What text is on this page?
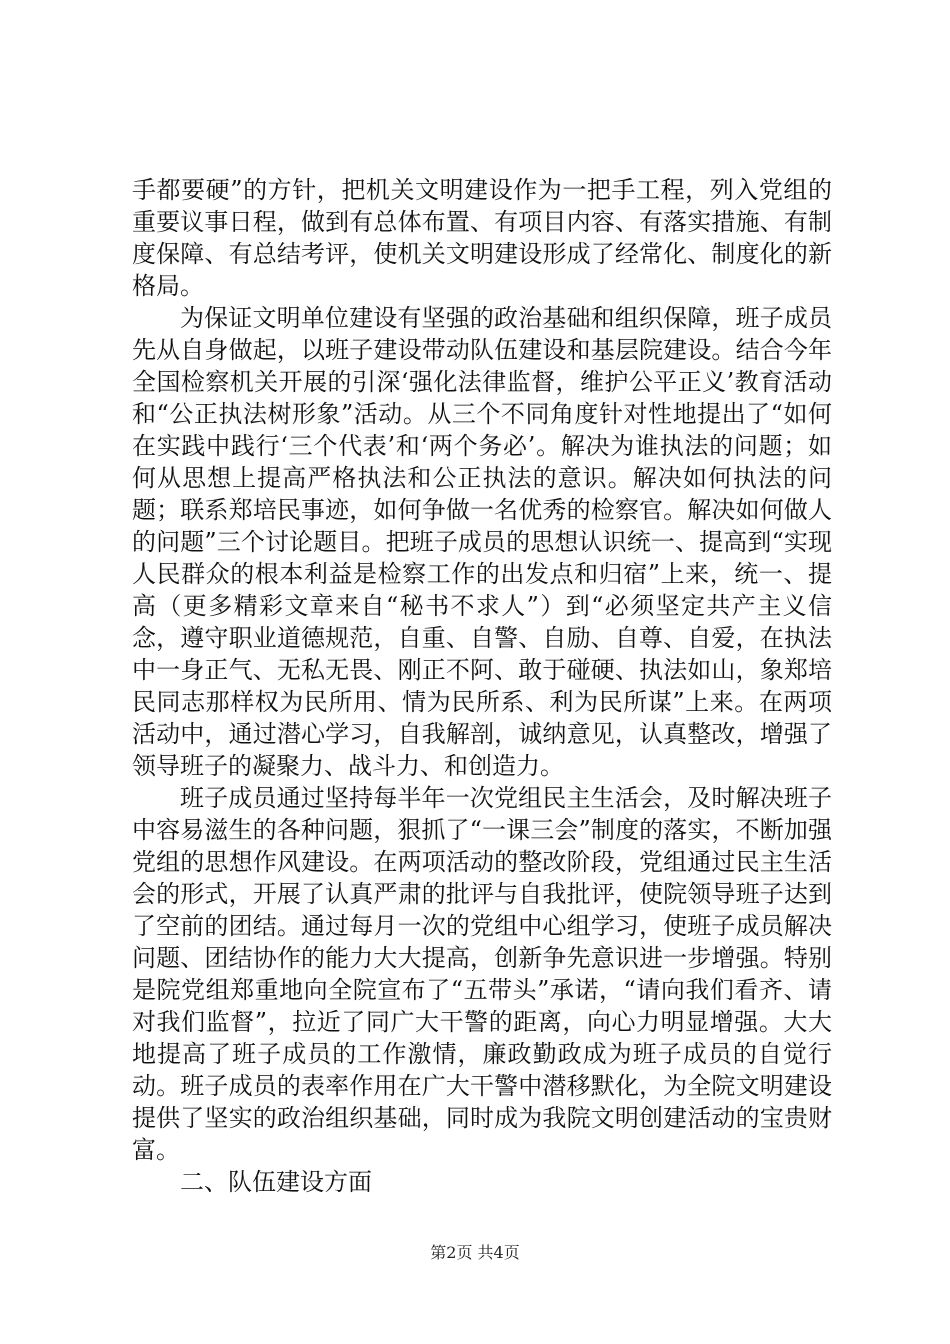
手都要硬”的方针，把机关文明建设作为一把手工程，列入党组的重要议事日程，做到有总体布置、有项目内容、有落实措施、有制度保障、有总结考评，使机关文明建设形成了经常化、制度化的新格局。

为保证文明单位建设有坚强的政治基础和组织保障，班子成员先从自身做起，以班子建设带动队伍建设和基层院建设。结合今年全国检察机关开展的引深‘强化法律监督，维护公平正义’教育活动和“公正执法树形象”活动。从三个不同角度针对性地提出了“如何在实践中践行‘三个代表’和‘两个务必’。解决为谁执法的问题；如何从思想上提高严格执法和公正执法的意识。解决如何执法的问题；联系郑培民事迹，如何争做一名优秀的检察官。解决如何做人的问题”三个讨论题目。把班子成员的思想认识统一、提高到“实现人民群众的根本利益是检察工作的出发点和归宿”上来，统一、提高（更多精彩文章来自“秘书不求人”）到“必须坚定共产主义信念，遵守职业道德规范，自重、自警、自励、自尊、自爱，在执法中一身正气、无私无畏、刚正不阿、敢于碰硬、执法如山，象郑培民同志那样权为民所用、情为民所系、利为民所谋”上来。在两项活动中，通过潜心学习，自我解剖，诚纳意见，认真整改，增强了领导班子的凝聚力、战斗力、和创造力。

班子成员通过坚持每半年一次党组民主生活会，及时解决班子中容易滋生的各种问题，狠抓了“一课三会”制度的落实，不断加强党组的思想作风建设。在两项活动的整改阶段，党组通过民主生活会的形式，开展了认真严肃的批评与自我批评，使院领导班子达到了空前的团结。通过每月一次的党组中心组学习，使班子成员解决问题、团结协作的能力大大提高，创新争先意识进一步增强。特别是院党组郑重地向全院宣布了“五带头”承诺，“请向我们看齐、请对我们监督”，拉近了同广大干警的距离，向心力明显增强。大大地提高了班子成员的工作激情，廉政勤政成为班子成员的自觉行动。班子成员的表率作用在广大干警中潜移默化，为全院文明建设提供了坚实的政治组织基础，同时成为我院文明创建活动的宝贵财富。

二、队伍建设方面

第2页 共4页
